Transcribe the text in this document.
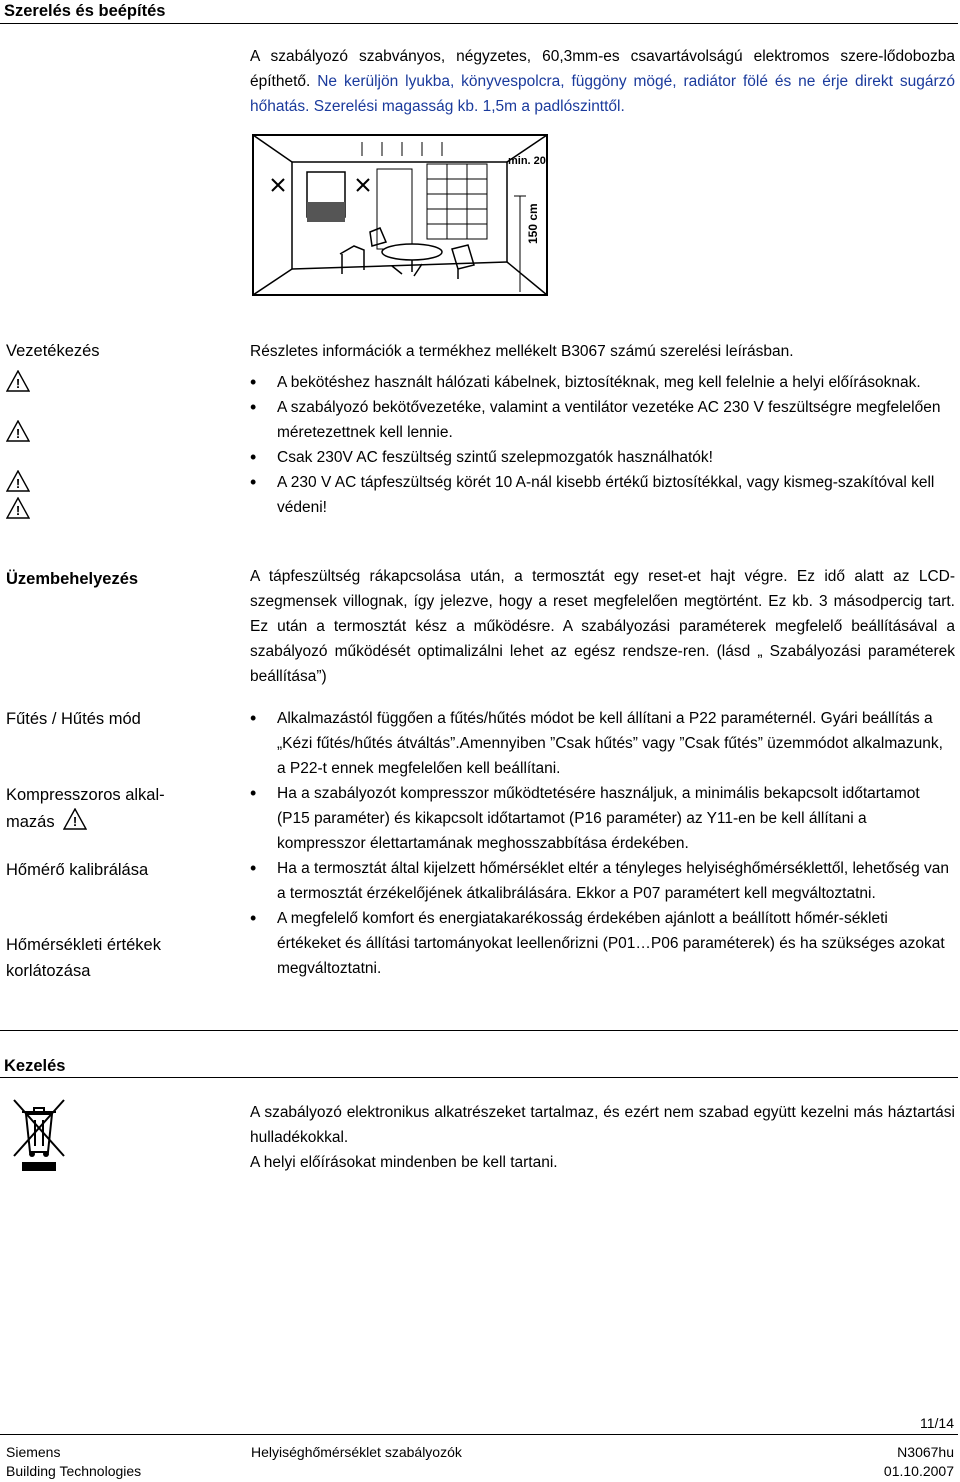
Szerelés és beépítés
A szabályozó szabványos, négyzetes, 60,3mm-es csavartávolságú elektromos szere-lődobozba építhető. Ne kerüljön lyukba, könyvespolcra, függöny mögé, radiátor fölé és ne érje direkt sugárzó hőhatás. Szerelési magasság kb. 1,5m a padlószinttől.
150 cm
min. 20
Vezetékezés
!
!
!
!
Részletes információk a termékhez mellékelt B3067 számú szerelési leírásban.
• A bekötéshez használt hálózati kábelnek, biztosítéknak, meg kell felelnie a helyi előírásoknak.
• A szabályozó bekötővezetéke, valamint a ventilátor vezetéke AC 230 V feszültségre megfelelően méretezettnek kell lennie.
• Csak 230V AC feszültség szintű szelepmozgatók használhatók!
• A 230 V AC tápfeszültség körét 10 A-nál kisebb értékű biztosítékkal, vagy kismeg-szakítóval kell védeni!
Üzembehelyezés	A tápfeszültség rákapcsolása után, a termosztát egy reset-et hajt végre. Ez idő alatt az LCD-szegmensek villognak, így jelezve, hogy a reset megfelelően megtörtént. Ez kb. 3 másodpercig tart. Ez után a termosztát kész a működésre. A szabályozási paraméterek megfelelő beállításával a szabályozó működését optimalizálni lehet az egész rendsze-ren. (lásd „ Szabályozási paraméterek beállítása”)
Fűtés / Hűtés mód
Kompresszoros alkal-mazás !
Hőmérő kalibrálása
Hőmérsékleti értékek korlátozása
• Alkalmazástól függően a fűtés/hűtés módot be kell állítani a P22 paraméternél. Gyári beállítás a „Kézi fűtés/hűtés átváltás”.Amennyiben ”Csak hűtés” vagy ”Csak fűtés” üzemmódot alkalmazunk, a P22-t ennek megfelelően kell beállítani.
• Ha a szabályozót kompresszor működtetésére használjuk, a minimális bekapcsolt időtartamot (P15 paraméter) és kikapcsolt időtartamot (P16 paraméter) az Y11-en be kell állítani a kompresszor élettartamának meghosszabbítása érdekében.
• Ha a termosztát által kijelzett hőmérséklet eltér a tényleges helyiséghőmérséklettől, lehetőség van a termosztát érzékelőjének átkalibrálására. Ekkor a P07 paramétert kell megváltoztatni.
• A megfelelő komfort és energiatakarékosság érdekében ajánlott a beállított hőmér-sékleti értékeket és állítási tartományokat leellenőrizni (P01…P06 paraméterek) és ha szükséges azokat megváltoztatni.
Kezelés
A szabályozó elektronikus alkatrészeket tartalmaz, és ezért nem szabad együtt kezelni más háztartási hulladékokkal.
A helyi előírásokat mindenben be kell tartani.
11/14
Siemens
Building Technologies
Helyiséghőmérséklet szabályozók	N3067hu
01.10.2007
